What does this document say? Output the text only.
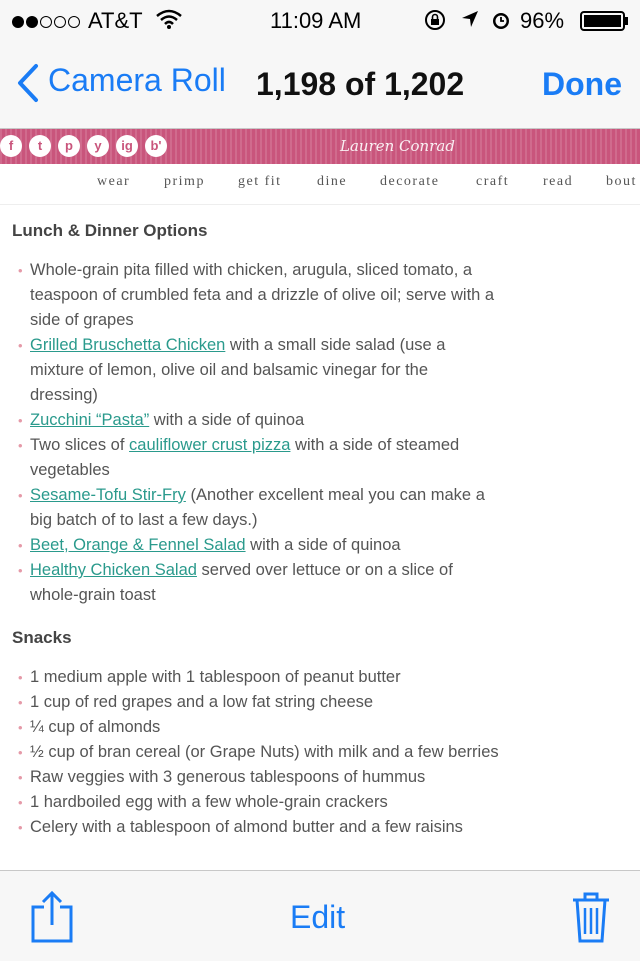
AT&T	11:09 AM	96%
Camera Roll 1,198 of 1,202 Done
f	t	p	y	ig	b'	Lauren Conrad
wear primp get fit	dine decorate	craft read bout
Lunch & Dinner Options
• Whole-grain pita filled with chicken, arugula, sliced tomato, a teaspoon of crumbled feta and a drizzle of olive oil; serve with a side of grapes
• Grilled Bruschetta Chicken with a small side salad (use a mixture of lemon, olive oil and balsamic vinegar for the dressing)
• Zucchini “Pasta” with a side of quinoa
• Two slices of cauliflower crust pizza with a side of steamed vegetables
• Sesame-Tofu Stir-Fry (Another excellent meal you can make a big batch of to last a few days.)
• Beet, Orange & Fennel Salad with a side of quinoa
• Healthy Chicken Salad served over lettuce or on a slice of whole-grain toast
Snacks
• 1 medium apple with 1 tablespoon of peanut butter
• 1 cup of red grapes and a low fat string cheese
• ¼ cup of almonds
• ½ cup of bran cereal (or Grape Nuts) with milk and a few berries
• Raw veggies with 3 generous tablespoons of hummus
• 1 hardboiled egg with a few whole-grain crackers
• Celery with a tablespoon of almond butter and a few raisins
Edit
